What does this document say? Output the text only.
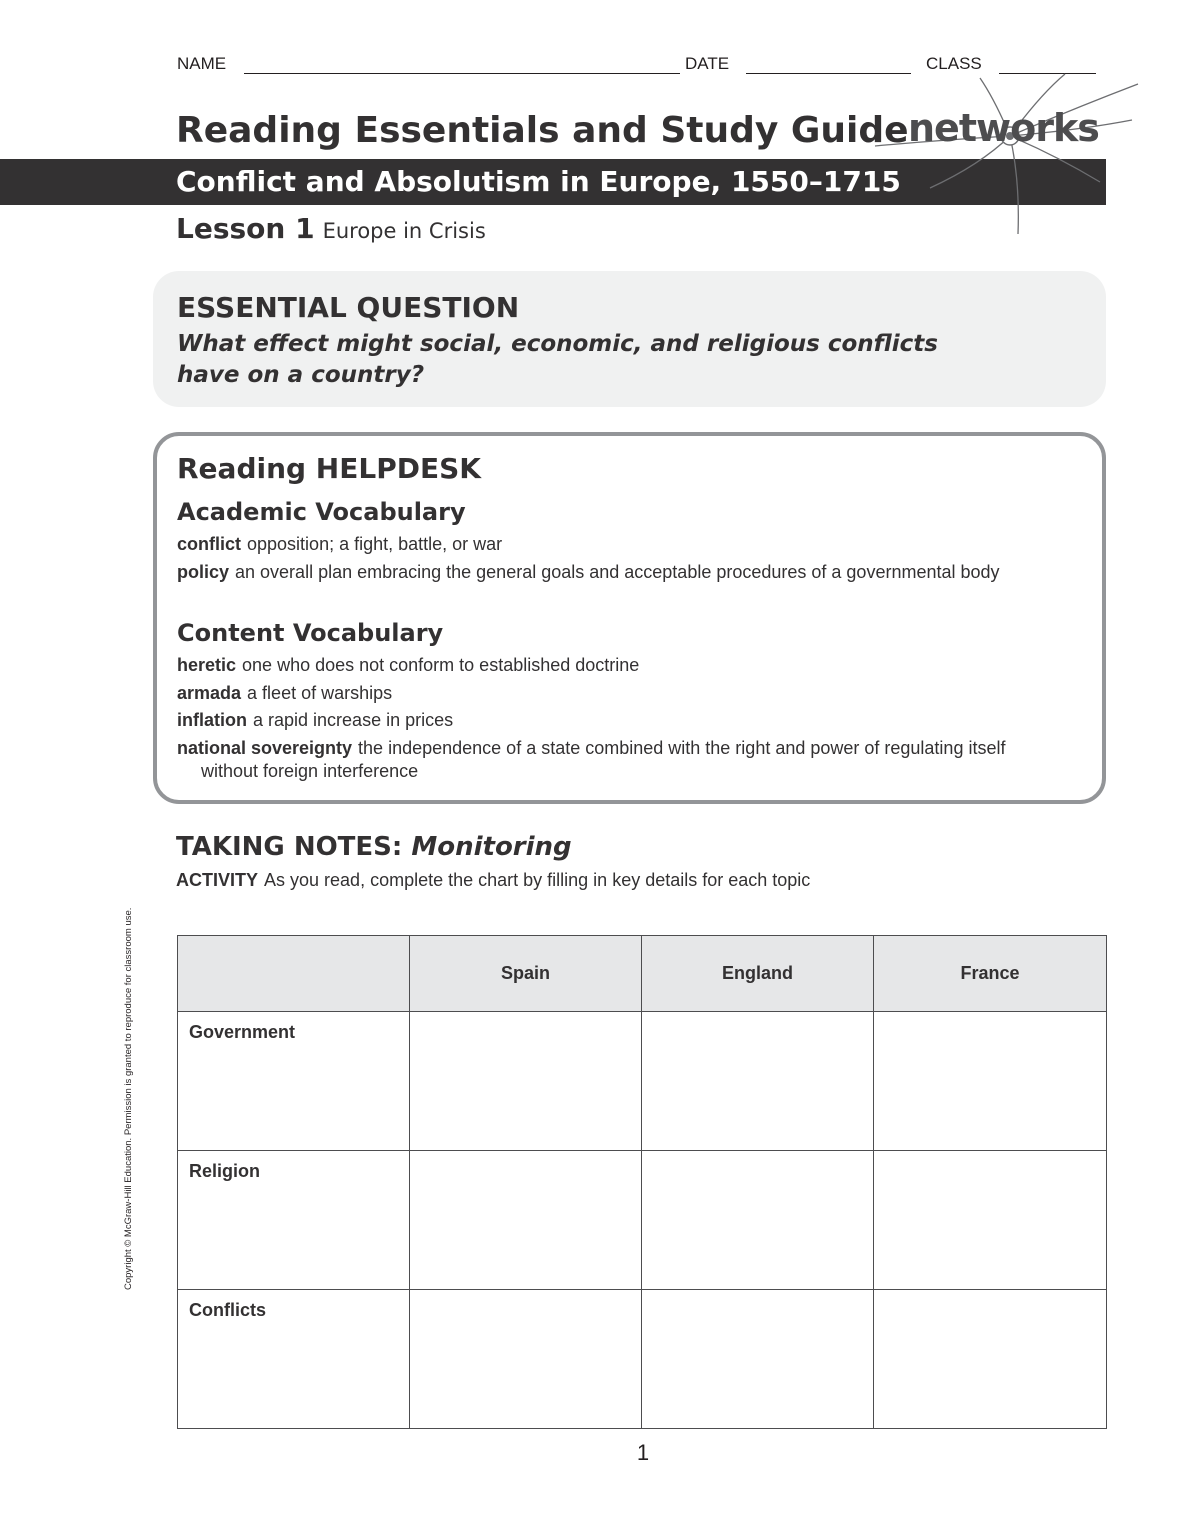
NAME	DATE	CLASS
Reading Essentials and Study Guide
Conflict and Absolutism in Europe, 1550–1715
networks
Lesson 1 Europe in Crisis
ESSENTIAL QUESTION
What effect might social, economic, and religious conflicts have on a country?
Reading HELPDESK
Academic Vocabulary
conflict opposition; a fight, battle, or war
policy an overall plan embracing the general goals and acceptable procedures of a governmental body
Content Vocabulary
heretic one who does not conform to established doctrine
armada a fleet of warships
inflation a rapid increase in prices
national sovereignty the independence of a state combined with the right and power of regulating itself without foreign interference
TAKING NOTES: Monitoring
ACTIVITY As you read, complete the chart by filling in key details for each topic
	Spain	England	France
Government			
Religion			
Conflicts			
1
Copyright © McGraw-Hill Education. Permission is granted to reproduce for classroom use.
